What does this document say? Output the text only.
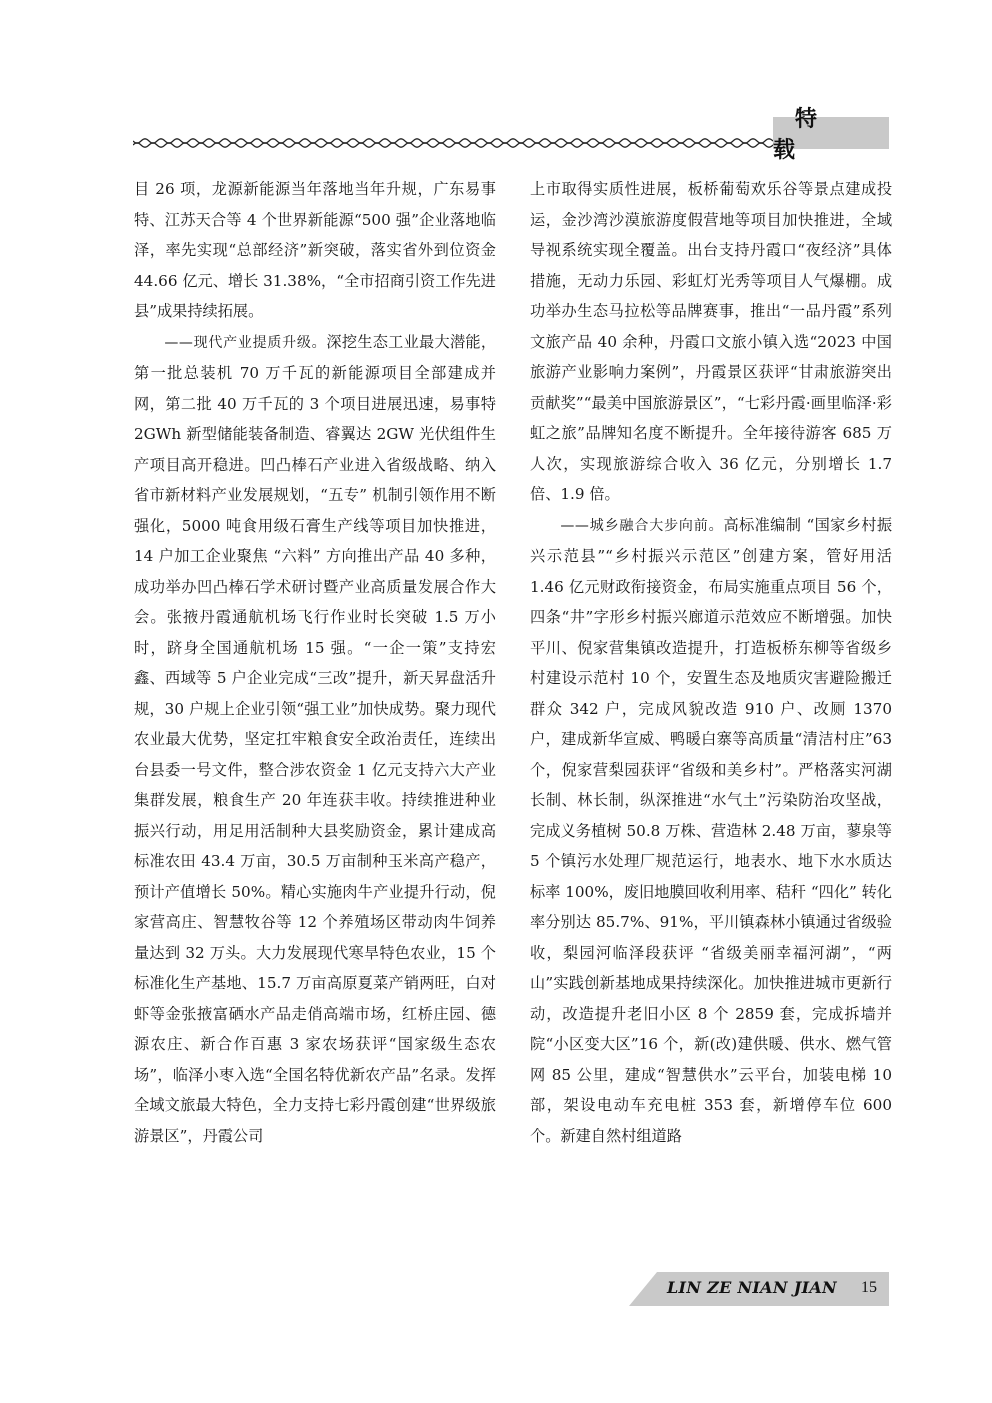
特 载

目 26 项，龙源新能源当年落地当年升规，广东易事特、江苏天合等 4 个世界新能源“500 强”企业落地临泽，率先实现“总部经济”新突破，落实省外到位资金 44.66 亿元、增长 31.38%，“全市招商引资工作先进县”成果持续拓展。

——现代产业提质升级。深挖生态工业最大潜能，第一批总装机 70 万千瓦的新能源项目全部建成并网，第二批 40 万千瓦的 3 个项目进展迅速，易事特 2GWh 新型储能装备制造、睿翼达 2GW 光伏组件生产项目高开稳进。凹凸棒石产业进入省级战略、纳入省市新材料产业发展规划，“五专” 机制引领作用不断强化，5000 吨食用级石膏生产线等项目加快推进，14 户加工企业聚焦 “六料” 方向推出产品 40 多种，成功举办凹凸棒石学术研讨暨产业高质量发展合作大会。张掖丹霞通航机场飞行作业时长突破 1.5 万小时，跻身全国通航机场 15 强。“一企一策”支持宏鑫、西域等 5 户企业完成“三改”提升，新天昇盘活升规，30 户规上企业引领“强工业”加快成势。聚力现代农业最大优势，坚定扛牢粮食安全政治责任，连续出台县委一号文件，整合涉农资金 1 亿元支持六大产业集群发展，粮食生产 20 年连获丰收。持续推进种业振兴行动，用足用活制种大县奖励资金，累计建成高标准农田 43.4 万亩，30.5 万亩制种玉米高产稳产，预计产值增长 50%。精心实施肉牛产业提升行动，倪家营高庄、智慧牧谷等 12 个养殖场区带动肉牛饲养量达到 32 万头。大力发展现代寒旱特色农业，15 个标准化生产基地、15.7 万亩高原夏菜产销两旺，白对虾等金张掖富硒水产品走俏高端市场，红桥庄园、德源农庄、新合作百惠 3 家农场获评“国家级生态农场”，临泽小枣入选“全国名特优新农产品”名录。发挥全域文旅最大特色，全力支持七彩丹霞创建“世界级旅游景区”，丹霞公司

上市取得实质性进展，板桥葡萄欢乐谷等景点建成投运，金沙湾沙漠旅游度假营地等项目加快推进，全域导视系统实现全覆盖。出台支持丹霞口“夜经济”具体措施，无动力乐园、彩虹灯光秀等项目人气爆棚。成功举办生态马拉松等品牌赛事，推出“一品丹霞”系列文旅产品 40 余种，丹霞口文旅小镇入选“2023 中国旅游产业影响力案例”，丹霞景区获评“甘肃旅游突出贡献奖”“最美中国旅游景区”，“七彩丹霞·画里临泽·彩虹之旅”品牌知名度不断提升。全年接待游客 685 万人次，实现旅游综合收入 36 亿元，分别增长 1.7 倍、1.9 倍。

——城乡融合大步向前。高标准编制 “国家乡村振兴示范县”“乡村振兴示范区”创建方案，管好用活 1.46 亿元财政衔接资金，布局实施重点项目 56 个，四条“井”字形乡村振兴廊道示范效应不断增强。加快平川、倪家营集镇改造提升，打造板桥东柳等省级乡村建设示范村 10 个，安置生态及地质灾害避险搬迁群众 342 户，完成风貌改造 910 户、改厕 1370 户，建成新华宣威、鸭暖白寨等高质量“清洁村庄”63 个，倪家营梨园获评“省级和美乡村”。严格落实河湖长制、林长制，纵深推进“水气土”污染防治攻坚战，完成义务植树 50.8 万株、营造林 2.48 万亩，蓼泉等 5 个镇污水处理厂规范运行，地表水、地下水水质达标率 100%，废旧地膜回收利用率、秸秆 “四化” 转化率分别达 85.7%、91%，平川镇森林小镇通过省级验收，梨园河临泽段获评 “省级美丽幸福河湖”，“两山”实践创新基地成果持续深化。加快推进城市更新行动，改造提升老旧小区 8 个 2859 套，完成拆墙并院“小区变大区”16 个，新(改)建供暖、供水、燃气管网 85 公里，建成“智慧供水”云平台，加装电梯 10 部，架设电动车充电桩 353 套，新增停车位 600 个。新建自然村组道路

LIN ZE NIAN JIAN 15
